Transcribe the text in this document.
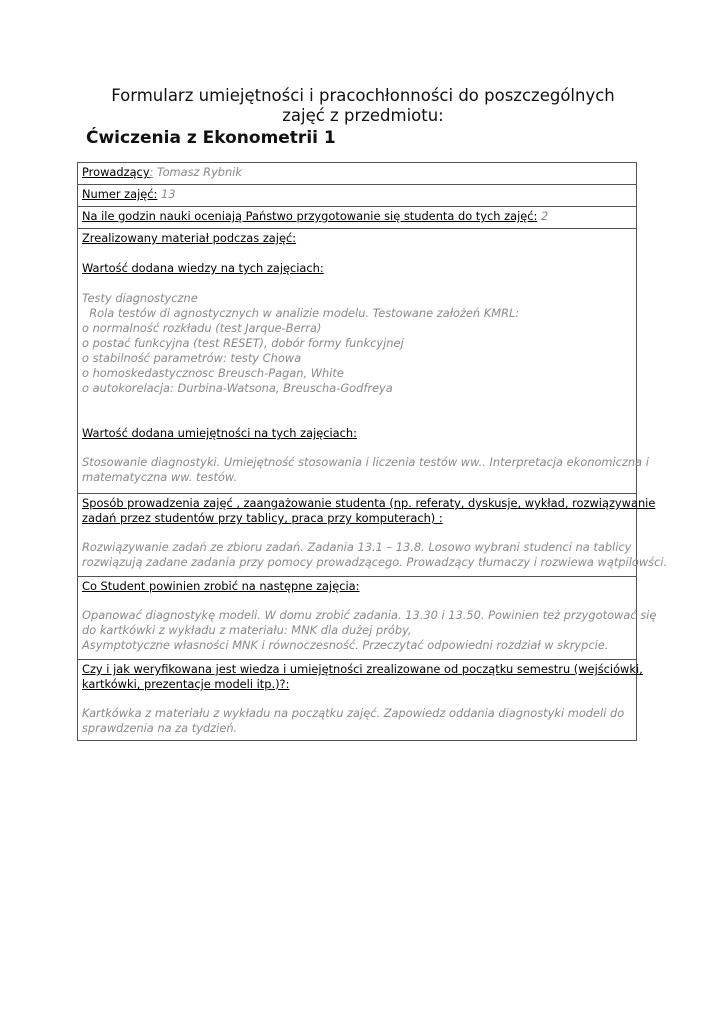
Formularz umiejętności i pracochłonności do poszczególnych zajęć z przedmiotu:
Ćwiczenia z Ekonometrii 1
Prowadzący: Tomasz Rybnik
Numer zajęć: 13
Na ile godzin nauki oceniają Państwo przygotowanie się studenta do tych zajęć: 2
Zrealizowany materiał podczas zajęć:
Wartość dodana wiedzy na tych zajęciach:
Testy diagnostyczne
Rola testów di agnostycznych w analizie modelu. Testowane założeń KMRL:
o normalność rozkładu (test Jarque-Berra)
o postać funkcyjna (test RESET), dobór formy funkcyjnej
o stabilność parametrów: testy Chowa
o homoskedastycznosc Breusch-Pagan, White
o autokorelacja: Durbina-Watsona, Breuscha-Godfreya
Wartość dodana umiejętności na tych zajęciach:
Stosowanie diagnostyki. Umiejętność stosowania i liczenia testów ww.. Interpretacja ekonomiczna i
matematyczna ww. testów.
Sposób prowadzenia zajęć , zaangażowanie studenta (np. referaty, dyskusje, wykład, rozwiązywanie
zadań przez studentów przy tablicy, praca przy komputerach) :
Rozwiązywanie zadań ze zbioru zadań. Zadania 13.1 – 13.8. Losowo wybrani studenci na tablicy
rozwiązują zadane zadania przy pomocy prowadzącego. Prowadzący tłumaczy i rozwiewa wątpilowści.
Co Student powinien zrobić na następne zajęcia:
Opanować diagnostykę modeli. W domu zrobić zadania. 13.30 i 13.50. Powinien też przygotować się
do kartkówki z wykładu z materiału: MNK dla dużej próby,
Asymptotyczne własności MNK i równoczesność. Przeczytać odpowiedni rozdział w skrypcie.
Czy i jak weryfikowana jest wiedza i umiejętności zrealizowane od początku semestru (wejściówki,
kartkówki, prezentacje modeli itp.)?:
Kartkówka z materiału z wykładu na początku zajęć. Zapowiedz oddania diagnostyki modeli do
sprawdzenia na za tydzień.
